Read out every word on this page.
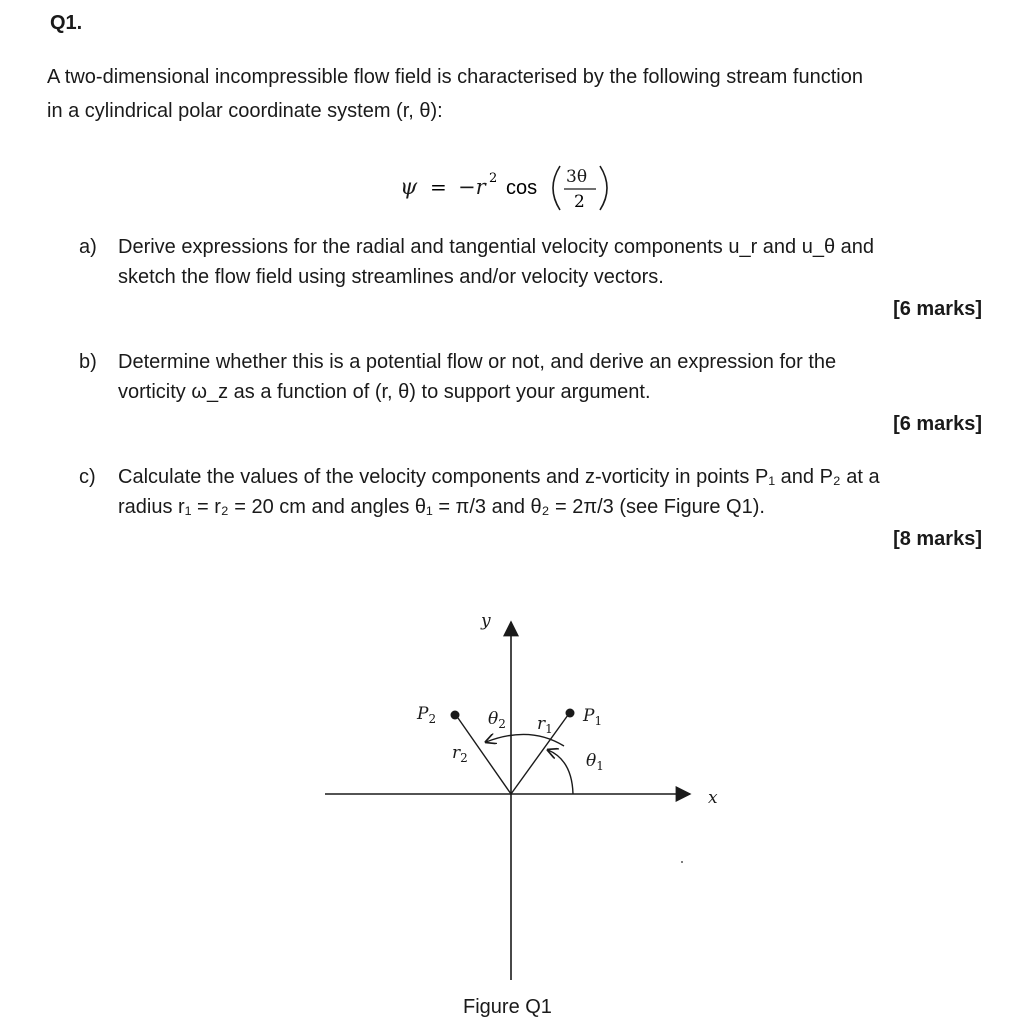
Q1.
A two-dimensional incompressible flow field is characterised by the following stream function
in a cylindrical polar coordinate system (r, θ):
ψ = −r 2 cos 3θ
2
a) Derive expressions for the radial and tangential velocity components u_r and u_θ and
sketch the flow field using streamlines and/or velocity vectors.
[6 marks]
b) Determine whether this is a potential flow or not, and derive an expression for the
vorticity ω_z as a function of (r, θ) to support your argument.
[6 marks]
c) Calculate the values of the velocity components and z-vorticity in points P₁ and P₂ at a
radius r₁ = r₂ = 20 cm and angles θ₁ = π/3 and θ₂ = 2π/3 (see Figure Q1).
[8 marks]
x
y
$P_1$
$P_2$	$r_1$
$r_2$	$\theta_1$
$\theta_2$
Figure Q1
